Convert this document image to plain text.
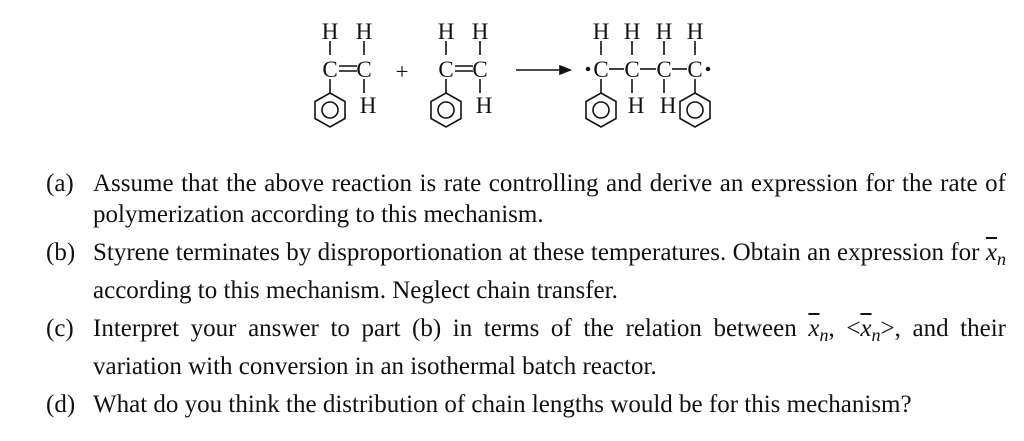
H H
C C
H
+
H H
C C
H
H H H H
C C C C
H H
(a) Assume that the above reaction is rate controlling and derive an expression for the rate of polymerization according to this mechanism.
(b) Styrene terminates by disproportionation at these temperatures. Obtain an expression for $\overline{x}_n$ according to this mechanism. Neglect chain transfer.
(c) Interpret your answer to part (b) in terms of the relation between $\overline{x}_n$, $<\overline{x}_n>$, and their variation with conversion in an isothermal batch reactor.
(d) What do you think the distribution of chain lengths would be for this mechanism?
